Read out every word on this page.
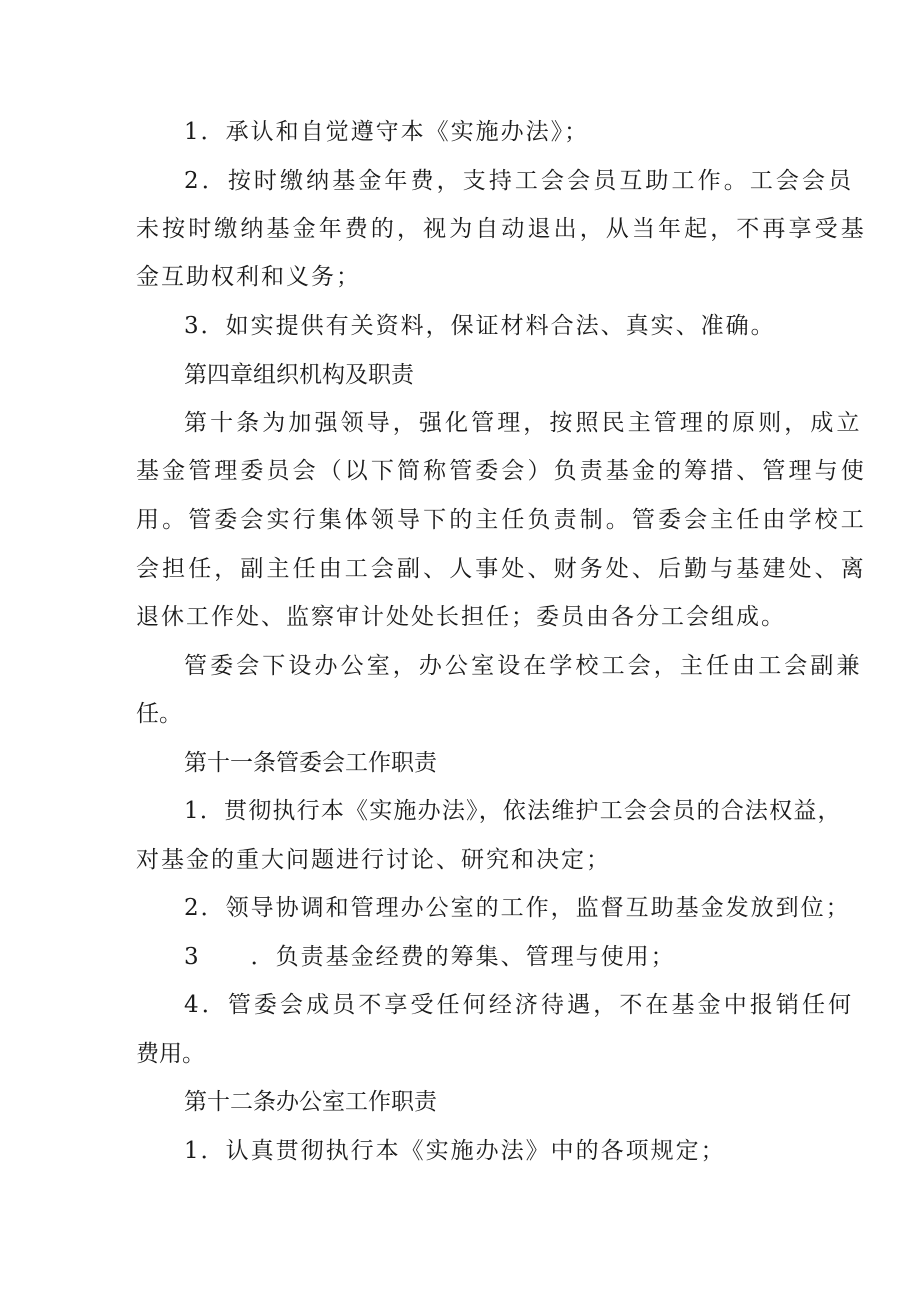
1．承认和自觉遵守本《实施办法》；
2．按时缴纳基金年费，支持工会会员互助工作。工会会员
未按时缴纳基金年费的，视为自动退出，从当年起，不再享受基
金互助权利和义务；
3．如实提供有关资料，保证材料合法、真实、准确。
第四章组织机构及职责
第十条为加强领导，强化管理，按照民主管理的原则，成立
基金管理委员会（以下简称管委会）负责基金的筹措、管理与使
用。管委会实行集体领导下的主任负责制。管委会主任由学校工
会担任，副主任由工会副、人事处、财务处、后勤与基建处、离
退休工作处、监察审计处处长担任；委员由各分工会组成。
管委会下设办公室，办公室设在学校工会，主任由工会副兼
任。
第十一条管委会工作职责
1．贯彻执行本《实施办法》，依法维护工会会员的合法权益，
对基金的重大问题进行讨论、研究和决定；
2．领导协调和管理办公室的工作，监督互助基金发放到位；
3　　．负责基金经费的筹集、管理与使用；
4．管委会成员不享受任何经济待遇，不在基金中报销任何
费用。
第十二条办公室工作职责
1．认真贯彻执行本《实施办法》中的各项规定；
